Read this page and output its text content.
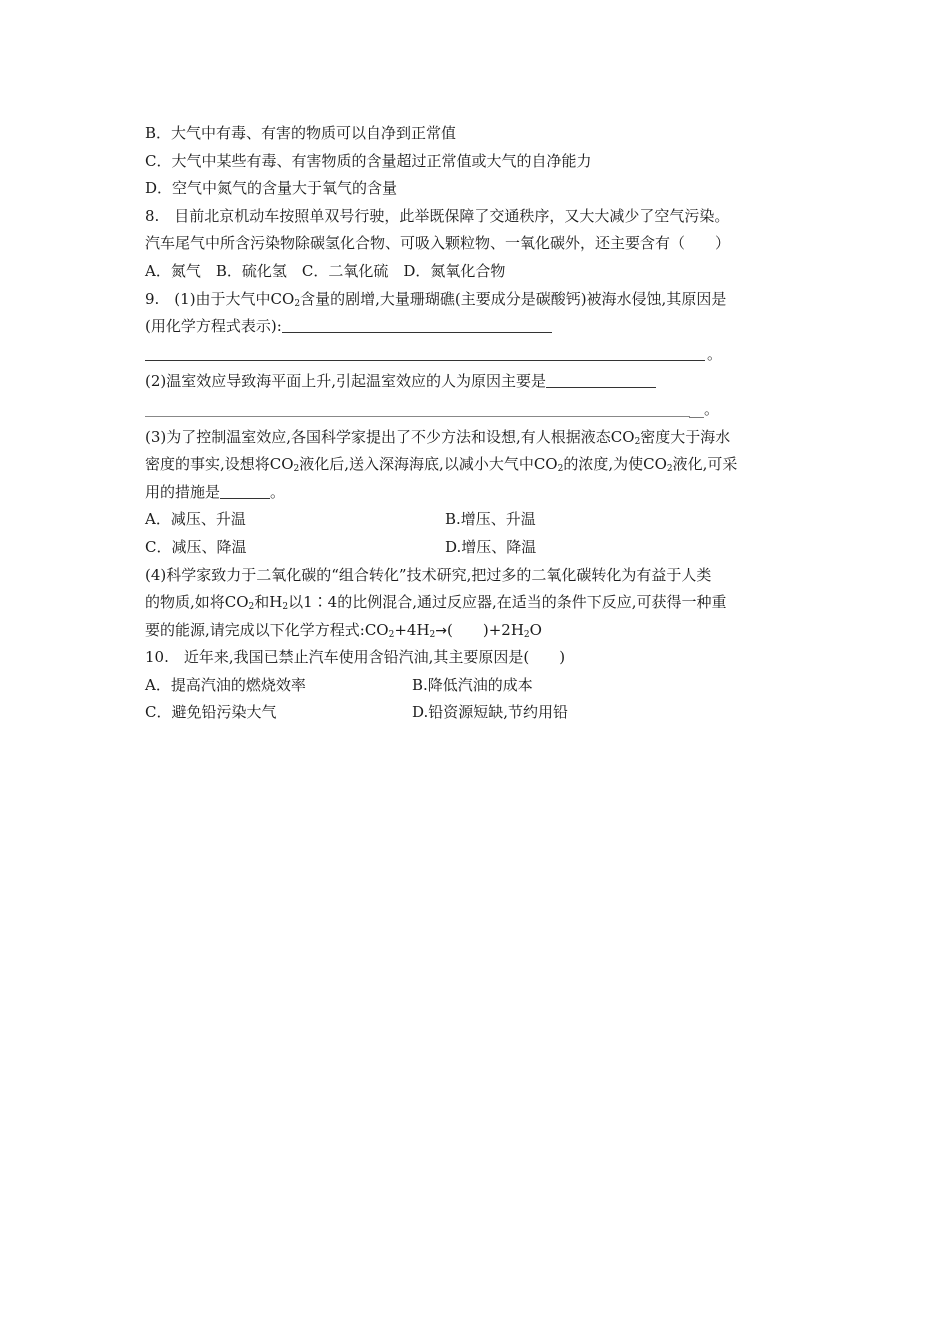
B．大气中有毒、有害的物质可以自净到正常值
C．大气中某些有毒、有害物质的含量超过正常值或大气的自净能力
D．空气中氮气的含量大于氧气的含量
8.　目前北京机动车按照单双号行驶，此举既保障了交通秩序，又大大减少了空气污染。
汽车尾气中所含污染物除碳氢化合物、可吸入颗粒物、一氧化碳外，还主要含有（　　）
A．氮气　B．硫化氢　C．二氧化硫　D．氮氧化合物
9.　(1)由于大气中$CO_2$含量的剧增,大量珊瑚礁(主要成分是碳酸钙)被海水侵蚀,其原因是
(用化学方程式表示):
。
(2)温室效应导致海平面上升,引起温室效应的人为原因主要是
__。
(3)为了控制温室效应,各国科学家提出了不少方法和设想,有人根据液态$CO_2$密度大于海水
密度的事实,设想将$CO_2$液化后,送入深海海底,以减小大气中$CO_2$的浓度,为使$CO_2$液化,可采
用的措施是	。
A．减压、升温	B.增压、升温
C．减压、降温	D.增压、降温
(4)科学家致力于二氧化碳的“组合转化”技术研究,把过多的二氧化碳转化为有益于人类
的物质,如将$CO_2$和$H_2$以1∶4的比例混合,通过反应器,在适当的条件下反应,可获得一种重
要的能源,请完成以下化学方程式$:CO_2+4H_2\to$(　　)$+2H_2O$
10.　近年来,我国已禁止汽车使用含铅汽油,其主要原因是(　　)
A．提高汽油的燃烧效率	B.降低汽油的成本
C．避免铅污染大气	D.铅资源短缺,节约用铅
